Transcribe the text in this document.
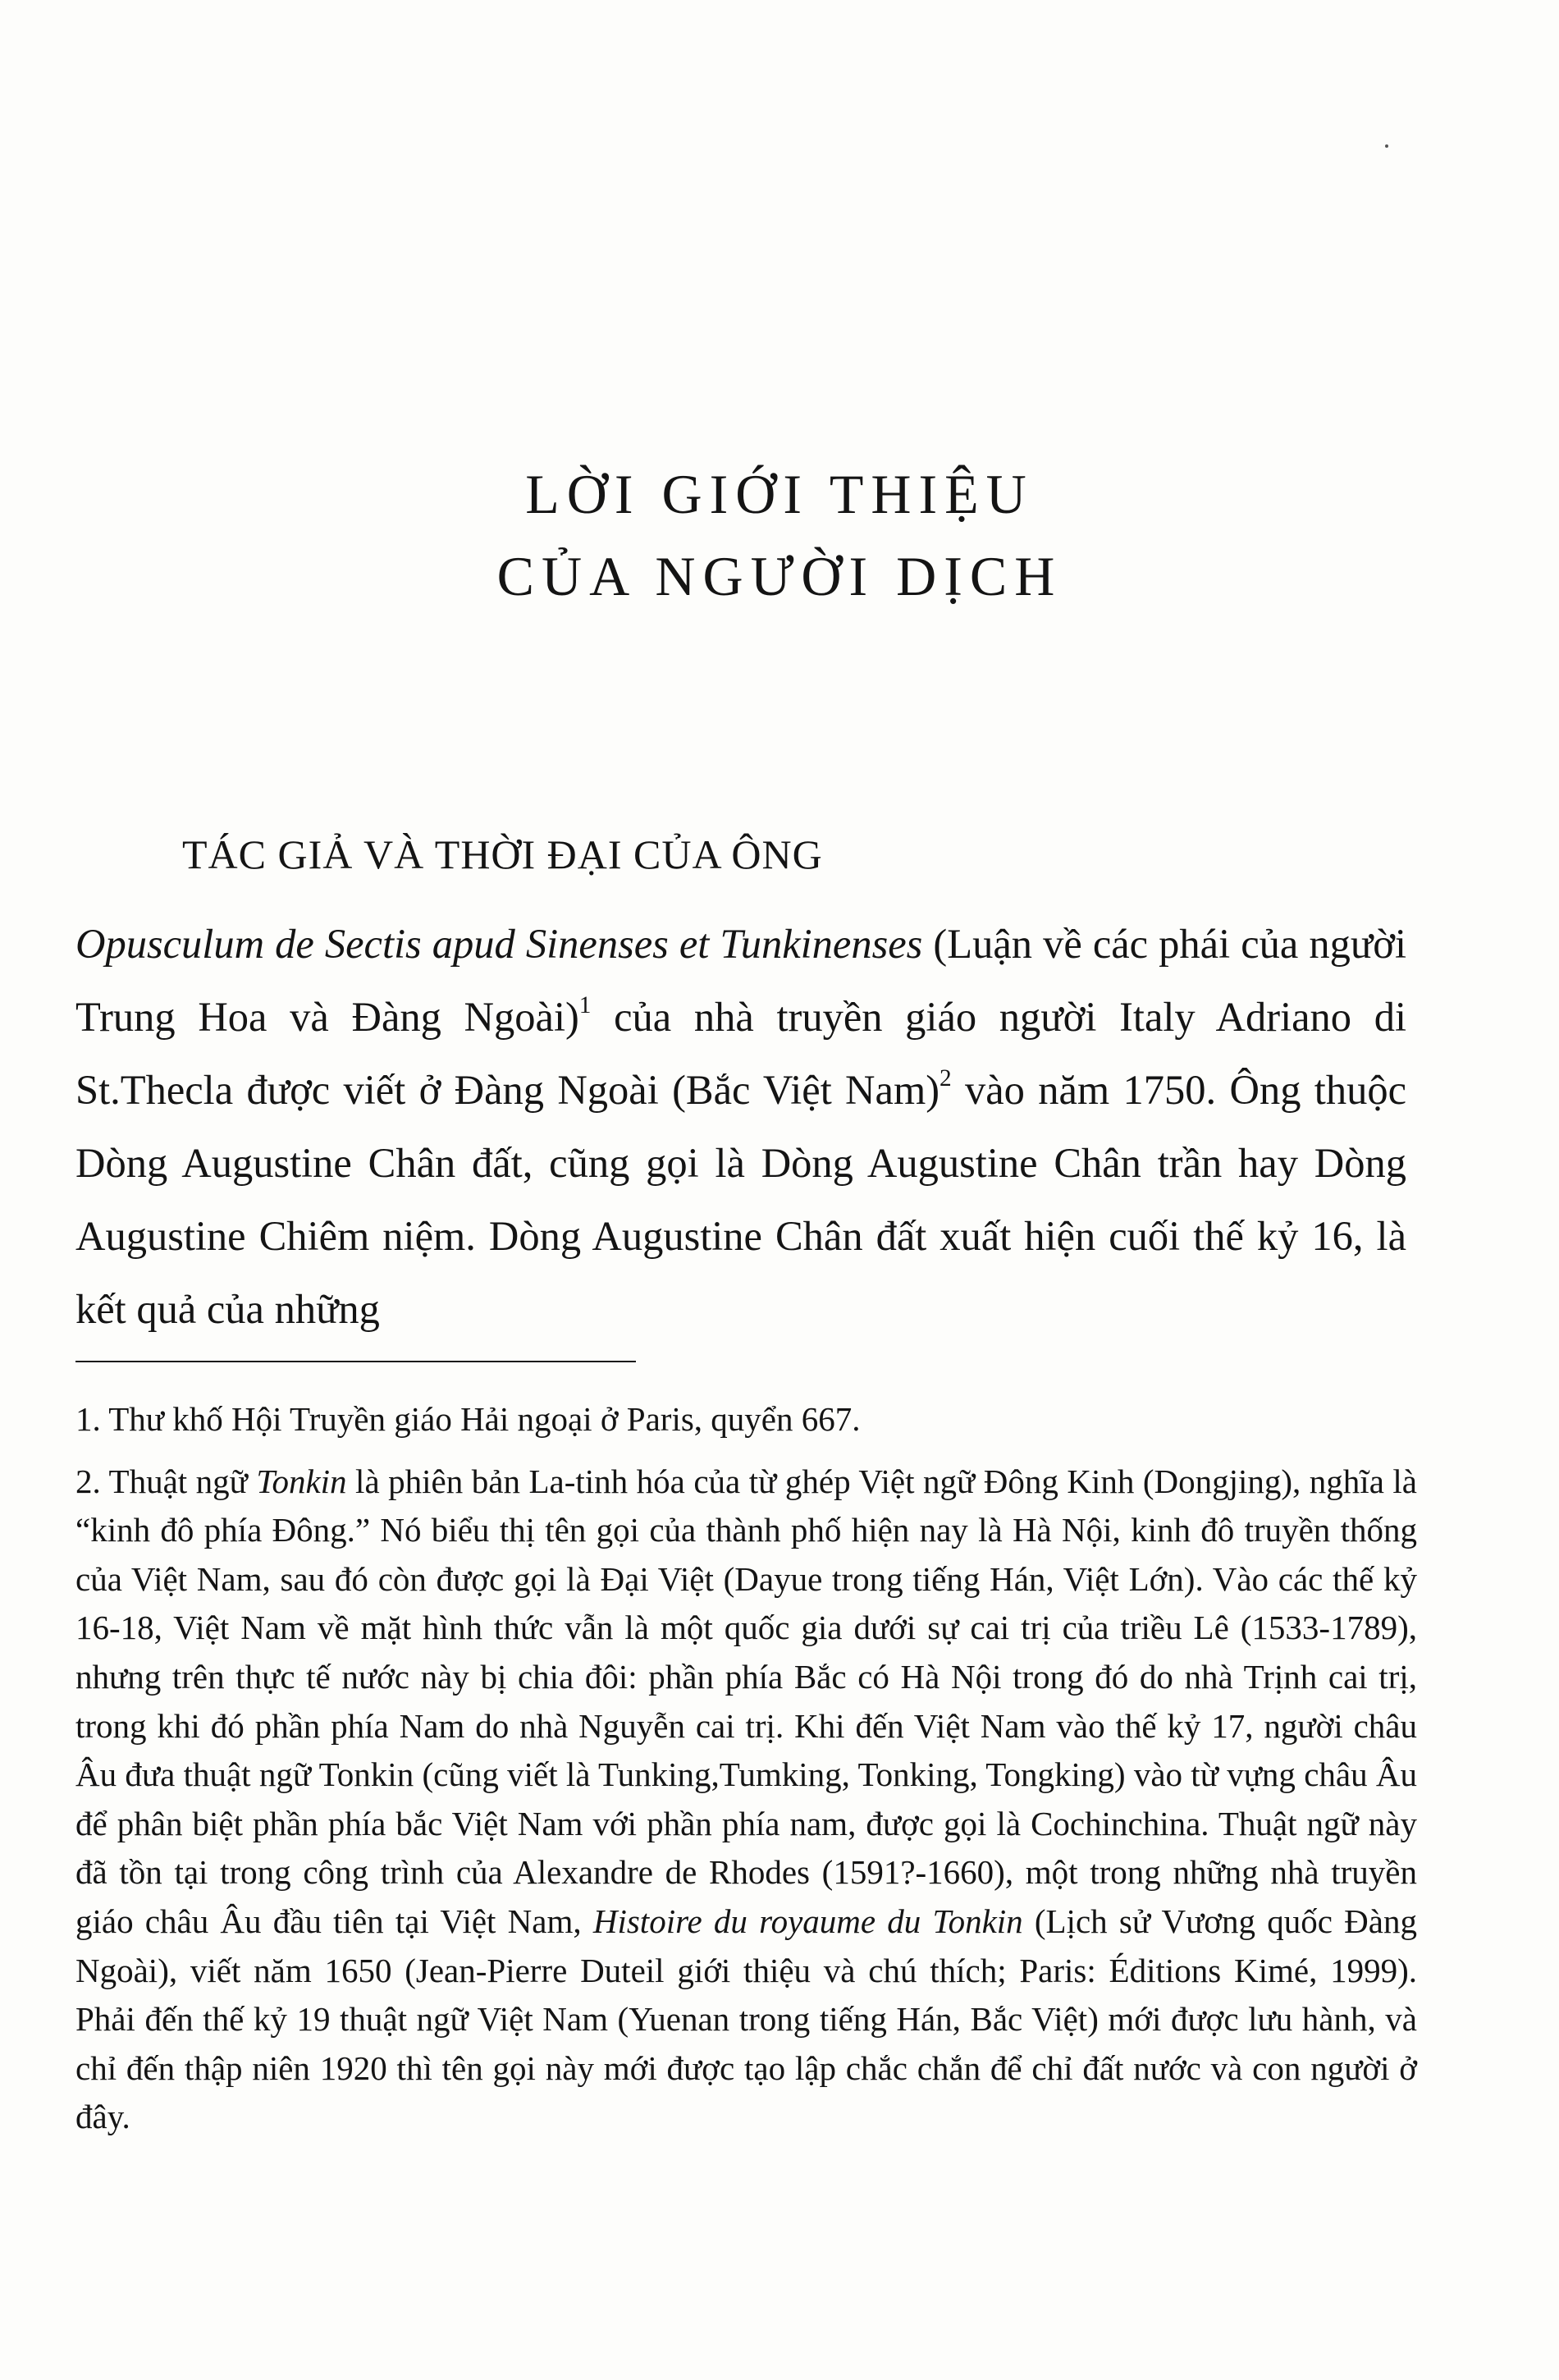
LỜI GIỚI THIỆU
CỦA NGƯỜI DỊCH
TÁC GIẢ VÀ THỜI ĐẠI CỦA ÔNG

Opusculum de Sectis apud Sinenses et Tunkinenses (Luận về các phái của người Trung Hoa và Đàng Ngoài)$^1$ của nhà truyền giáo người Italy Adriano di St.Thecla được viết ở Đàng Ngoài (Bắc Việt Nam)$^2$ vào năm 1750. Ông thuộc Dòng Augustine Chân đất, cũng gọi là Dòng Augustine Chân trần hay Dòng Augustine Chiêm niệm. Dòng Augustine Chân đất xuất hiện cuối thế kỷ 16, là kết quả của những

1. Thư khố Hội Truyền giáo Hải ngoại ở Paris, quyển 667.

2. Thuật ngữ Tonkin là phiên bản La-tinh hóa của từ ghép Việt ngữ Đông Kinh (Dongjing), nghĩa là “kinh đô phía Đông.” Nó biểu thị tên gọi của thành phố hiện nay là Hà Nội, kinh đô truyền thống của Việt Nam, sau đó còn được gọi là Đại Việt (Dayue trong tiếng Hán, Việt Lớn). Vào các thế kỷ 16-18, Việt Nam về mặt hình thức vẫn là một quốc gia dưới sự cai trị của triều Lê (1533-1789), nhưng trên thực tế nước này bị chia đôi: phần phía Bắc có Hà Nội trong đó do nhà Trịnh cai trị, trong khi đó phần phía Nam do nhà Nguyễn cai trị. Khi đến Việt Nam vào thế kỷ 17, người châu Âu đưa thuật ngữ Tonkin (cũng viết là Tunking,Tumking, Tonking, Tongking) vào từ vựng châu Âu để phân biệt phần phía bắc Việt Nam với phần phía nam, được gọi là Cochinchina. Thuật ngữ này đã tồn tại trong công trình của Alexandre de Rhodes (1591?-1660), một trong những nhà truyền giáo châu Âu đầu tiên tại Việt Nam, Histoire du royaume du Tonkin (Lịch sử Vương quốc Đàng Ngoài), viết năm 1650 (Jean-Pierre Duteil giới thiệu và chú thích; Paris: Éditions Kimé, 1999). Phải đến thế kỷ 19 thuật ngữ Việt Nam (Yuenan trong tiếng Hán, Bắc Việt) mới được lưu hành, và chỉ đến thập niên 1920 thì tên gọi này mới được tạo lập chắc chắn để chỉ đất nước và con người ở đây.
